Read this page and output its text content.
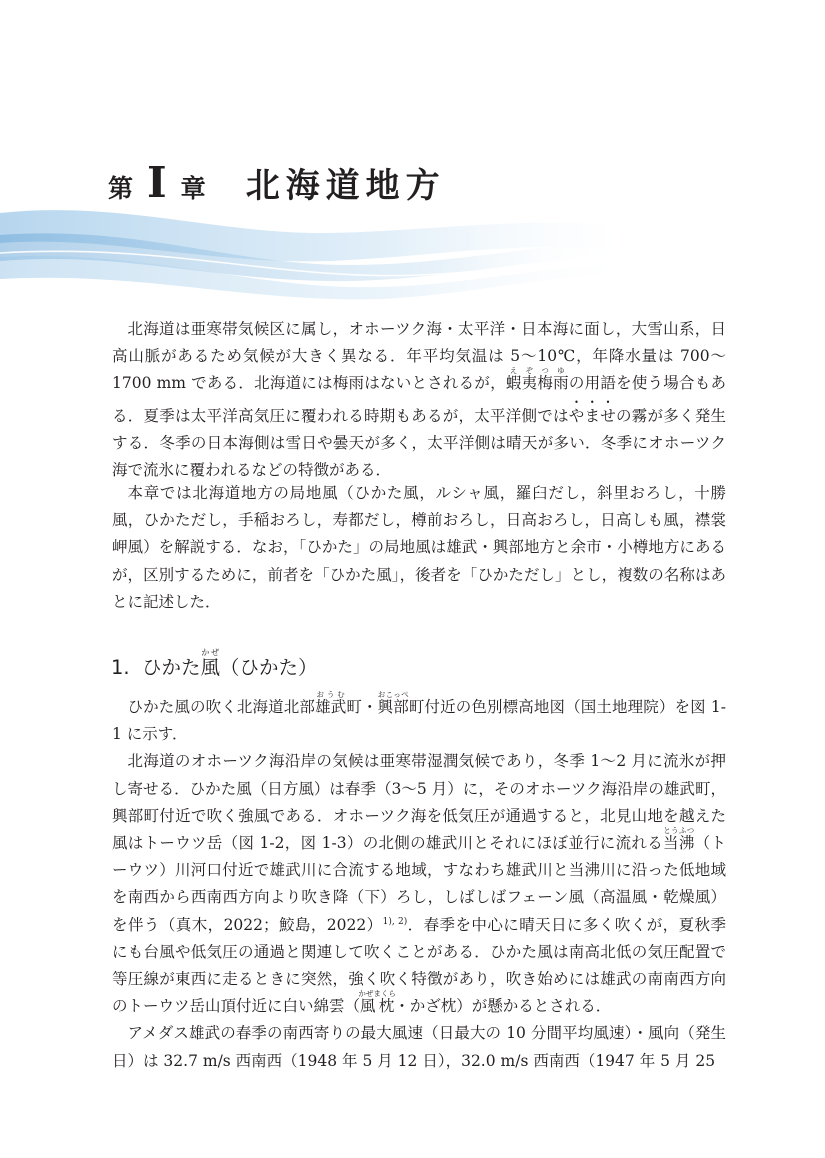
第 I 章 北海道地方

北海道は亜寒帯気候区に属し，オホーツク海・太平洋・日本海に面し，大雪山系，日高山脈があるため気候が大きく異なる．年平均気温は 5～10℃，年降水量は 700～1700 mm である．北海道には梅雨はないとされるが，蝦え夷ぞ梅つ雨ゆの用語を使う場合もある．夏季は太平洋高気圧に覆われる時期もあるが，太平洋側ではやませの霧が多く発生する．冬季の日本海側は雪日や曇天が多く，太平洋側は晴天が多い．冬季にオホーツク海で流氷に覆われるなどの特徴がある．

本章では北海道地方の局地風（ひかた風，ルシャ風，羅臼だし，斜里おろし，十勝風，ひかただし，手稲おろし，寿都だし，樽前おろし，日高おろし，日高しも風，襟裳岬風）を解説する．なお，「ひかた」の局地風は雄武・興部地方と余市・小樽地方にあるが，区別するために，前者を「ひかた風」，後者を「ひかただし」とし，複数の名称はあとに記述した．

1. ひかた風かぜ（ひかた）

ひかた風の吹く北海道北部雄武おうむ町・興部おこっぺ町付近の色別標高地図（国土地理院）を図 1-1 に示す．

北海道のオホーツク海沿岸の気候は亜寒帯湿潤気候であり，冬季 1～2 月に流氷が押し寄せる．ひかた風（日方風）は春季（3～5 月）に，そのオホーツク海沿岸の雄武町，興部町付近で吹く強風である．オホーツク海を低気圧が通過すると，北見山地を越えた風はトーウツ岳（図 1-2，図 1-3）の北側の雄武川とそれにほぼ並行に流れる当沸とうふつ（トーウツ）川河口付近で雄武川に合流する地域，すなわち雄武川と当沸川に沿った低地域を南西から西南西方向より吹き降（下）ろし，しばしばフェーン風（高温風・乾燥風）を伴う（真木，2022；鮫島，2022）$^{1), 2)}$．春季を中心に晴天日に多く吹くが，夏秋季にも台風や低気圧の通過と関連して吹くことがある．ひかた風は南高北低の気圧配置で等圧線が東西に走るときに突然，強く吹く特徴があり，吹き始めには雄武の南南西方向のトーウツ岳山頂付近に白い綿雲（風枕かぜまくら・かざ枕）が懸かるとされる．

アメダス雄武の春季の南西寄りの最大風速（日最大の 10 分間平均風速）・風向（発生日）は 32.7 m/s 西南西（1948 年 5 月 12 日），32.0 m/s 西南西（1947 年 5 月 25
